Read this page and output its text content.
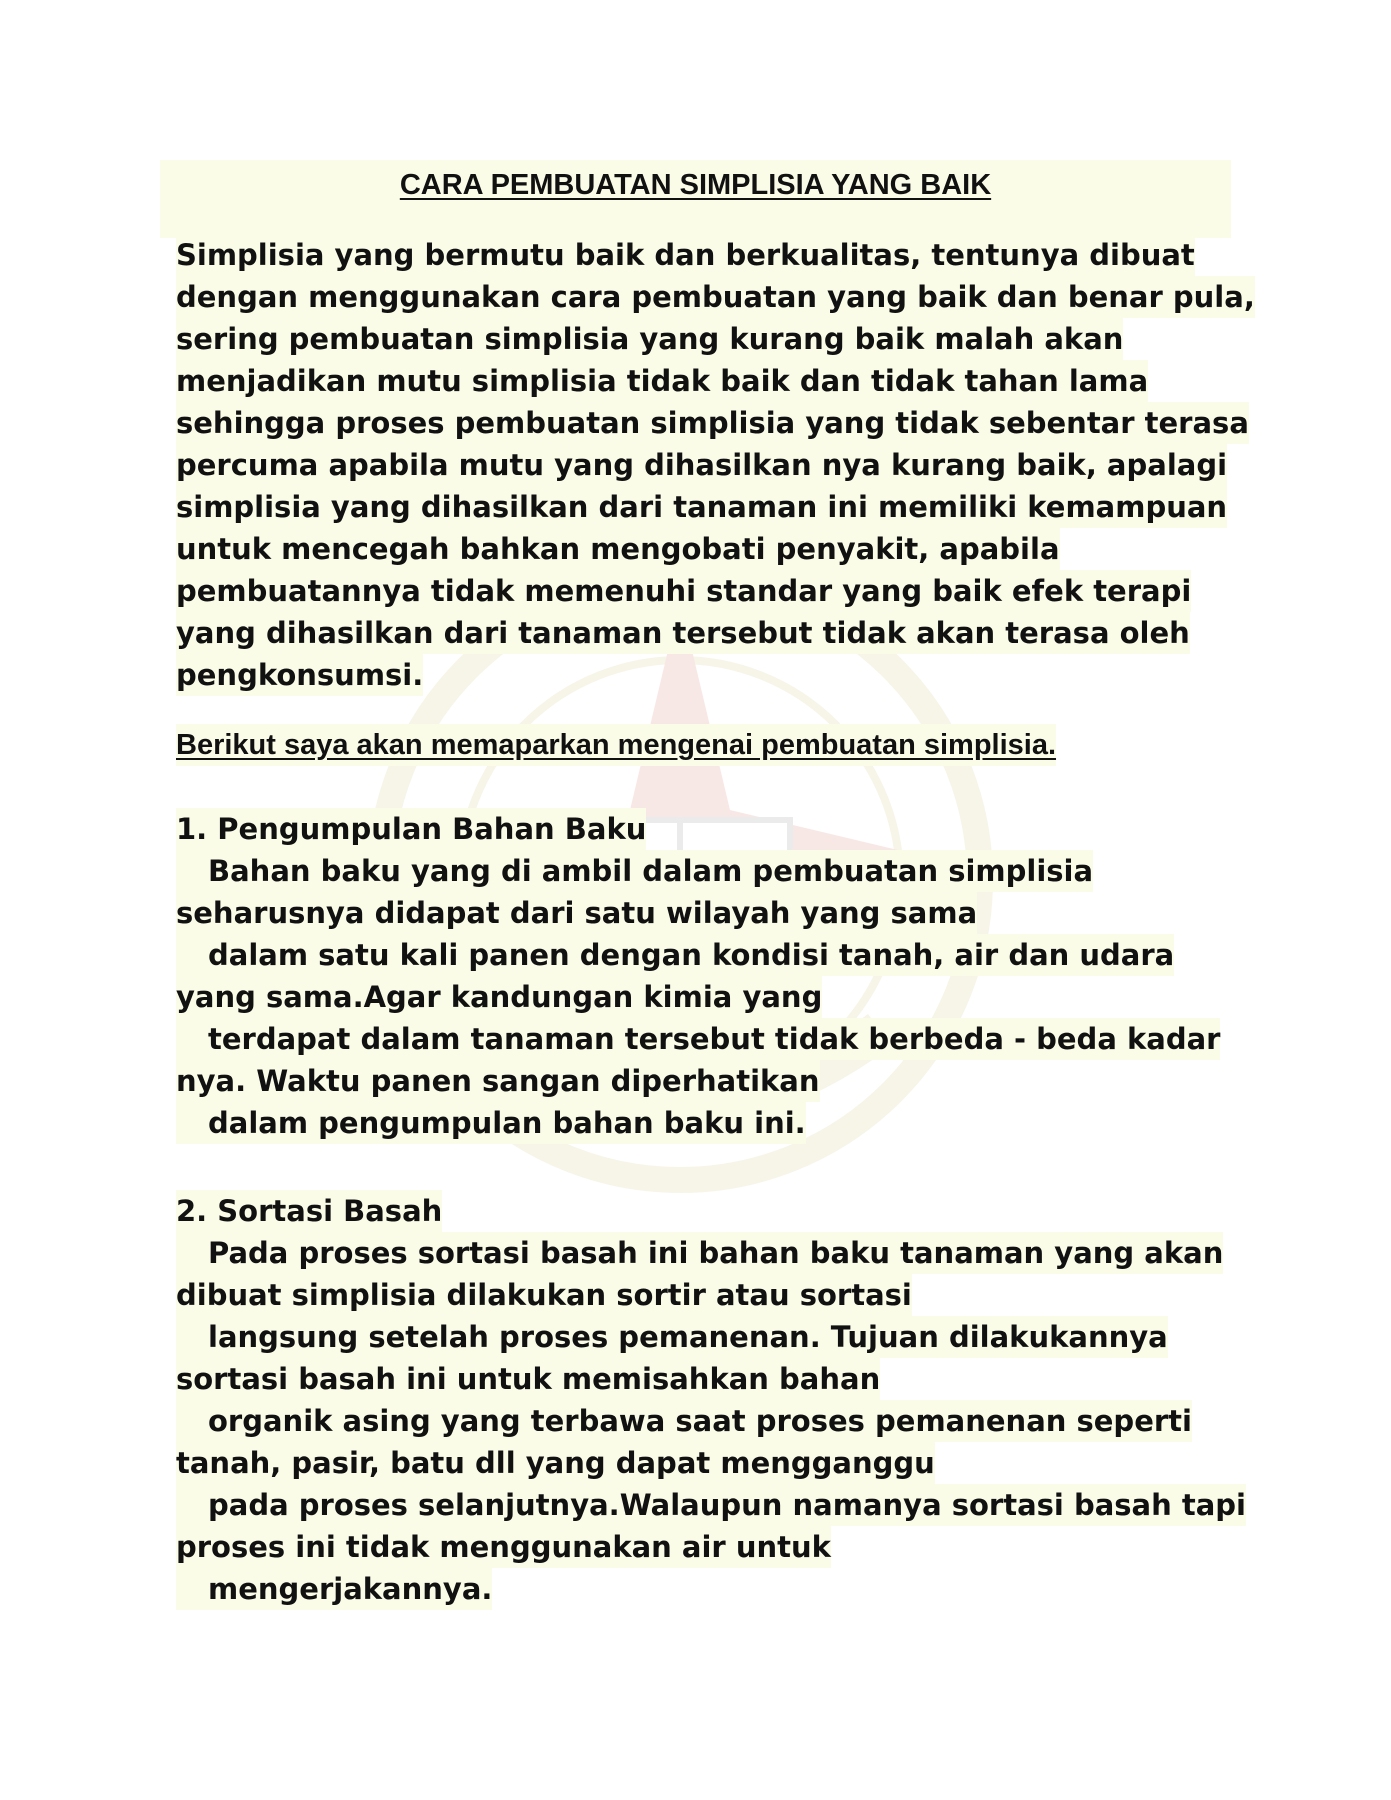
CARA PEMBUATAN SIMPLISIA YANG BAIK
Simplisia yang bermutu baik dan berkualitas, tentunya dibuat
dengan menggunakan cara pembuatan yang baik dan benar pula,
sering pembuatan simplisia yang kurang baik malah akan
menjadikan mutu simplisia tidak baik dan tidak tahan lama
sehingga proses pembuatan simplisia yang tidak sebentar terasa
percuma apabila mutu yang dihasilkan nya kurang baik, apalagi
simplisia yang dihasilkan dari tanaman ini memiliki kemampuan
untuk mencegah bahkan mengobati penyakit, apabila
pembuatannya tidak memenuhi standar yang baik efek terapi
yang dihasilkan dari tanaman tersebut tidak akan terasa oleh
pengkonsumsi.
Berikut saya akan memaparkan mengenai pembuatan simplisia.
1. Pengumpulan Bahan Baku
Bahan baku yang di ambil dalam pembuatan simplisia
seharusnya didapat dari satu wilayah yang sama
dalam satu kali panen dengan kondisi tanah, air dan udara
yang sama.Agar kandungan kimia yang
terdapat dalam tanaman tersebut tidak berbeda - beda kadar
nya. Waktu panen sangan diperhatikan
dalam pengumpulan bahan baku ini.
2. Sortasi Basah
Pada proses sortasi basah ini bahan baku tanaman yang akan
dibuat simplisia dilakukan sortir atau sortasi
langsung setelah proses pemanenan. Tujuan dilakukannya
sortasi basah ini untuk memisahkan bahan
organik asing yang terbawa saat proses pemanenan seperti
tanah, pasir, batu dll yang dapat mengganggu
pada proses selanjutnya.Walaupun namanya sortasi basah tapi
proses ini tidak menggunakan air untuk
mengerjakannya.
